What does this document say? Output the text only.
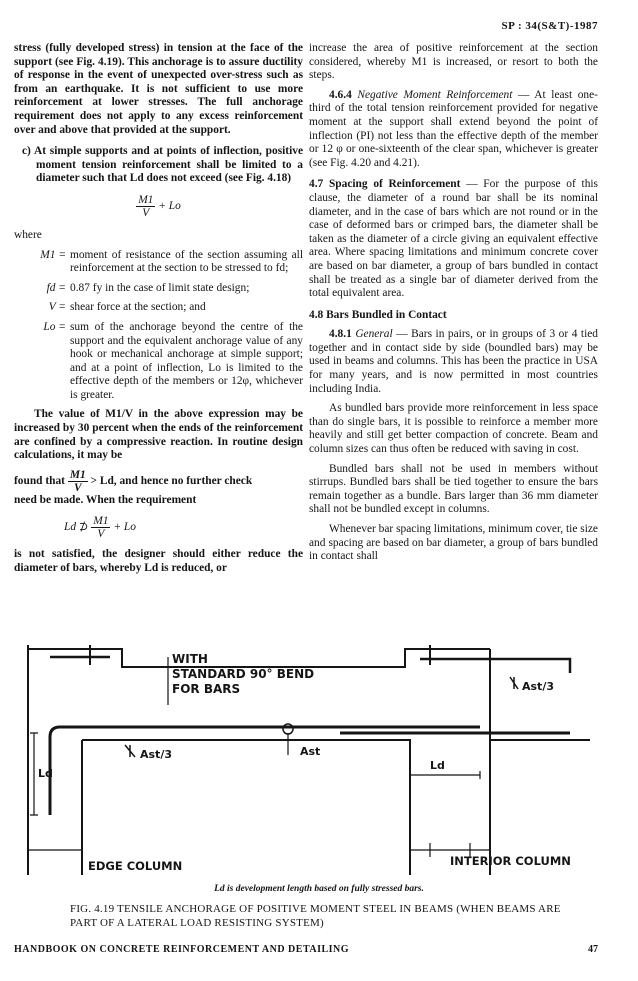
SP : 34(S&T)-1987

stress (fully developed stress) in tension at the face of the support (see Fig. 4.19). This anchorage is to assure ductility of response in the event of unexpected over-stress such as from an earthquake. It is not sufficient to use more reinforcement at lower stresses. The full anchorage requirement does not apply to any excess reinforcement over and above that provided at the support.

c) At simple supports and at points of inflection, positive moment tension reinforcement shall be limited to a diameter such that Ld does not exceed (see Fig. 4.18)

$\frac{M1}{V} + Lo$

where

M1 = moment of resistance of the section assuming all reinforcement at the section to be stressed to fd;
fd = 0.87 fy in the case of limit state design;
V = shear force at the section; and
Lo = sum of the anchorage beyond the centre of the support and the equivalent anchorage value of any hook or mechanical anchorage at simple support; and at a point of inflection, Lo is limited to the effective depth of the members or 12φ, whichever is greater.

The value of M1/V in the above expression may be increased by 30 percent when the ends of the reinforcement are confined by a compressive reaction. In routine design calculations, it may be

found that $\frac{M1}{V} > Ld$, and hence no further check

need be made. When the requirement

Ld ⊅ $\frac{M1}{V} + Lo$

is not satisfied, the designer should either reduce the diameter of bars, whereby Ld is reduced, or

increase the area of positive reinforcement at the section considered, whereby M1 is increased, or resort to both the steps.

4.6.4 Negative Moment Reinforcement — At least one-third of the total tension reinforcement provided for negative moment at the support shall extend beyond the point of inflection (PI) not less than the effective depth of the member or 12 φ or one-sixteenth of the clear span, whichever is greater (see Fig. 4.20 and 4.21).

4.7 Spacing of Reinforcement — For the purpose of this clause, the diameter of a round bar shall be its nominal diameter, and in the case of bars which are not round or in the case of deformed bars or crimped bars, the diameter shall be taken as the diameter of a circle giving an equivalent effective area. Where spacing limitations and minimum concrete cover are based on bar diameter, a group of bars bundled in contact shall be treated as a single bar of diameter derived from the total equivalent area.

4.8 Bars Bundled in Contact

4.8.1 General — Bars in pairs, or in groups of 3 or 4 tied together and in contact side by side (boundled bars) may be used in beams and columns. This has been the practice in USA for many years, and is now permitted in most countries including India.

As bundled bars provide more reinforcement in less space than do single bars, it is possible to reinforce a member more heavily and still get better compaction of concrete. Beam and column sizes can thus often be reduced with saving in cost.

Bundled bars shall not be used in members without stirrups. Bundled bars shall be tied together to ensure the bars remain together as a bundle. Bars larger than 36 mm diameter shall not be bundled except in columns.

Whenever bar spacing limitations, minimum cover, tie size and spacing are based on bar diameter, a group of bars bundled in contact shall

WITH
STANDARD 90° BEND
FOR BARS
Ld
Ast/3
Ast/3	Ast
Ld
EDGE COLUMN	INTERIOR COLUMN
Ld is development length based on fully stressed bars.
FIG. 4.19 TENSILE ANCHORAGE OF POSITIVE MOMENT STEEL IN BEAMS (WHEN BEAMS ARE PART OF A LATERAL LOAD RESISTING SYSTEM)
HANDBOOK ON CONCRETE REINFORCEMENT AND DETAILING	47
